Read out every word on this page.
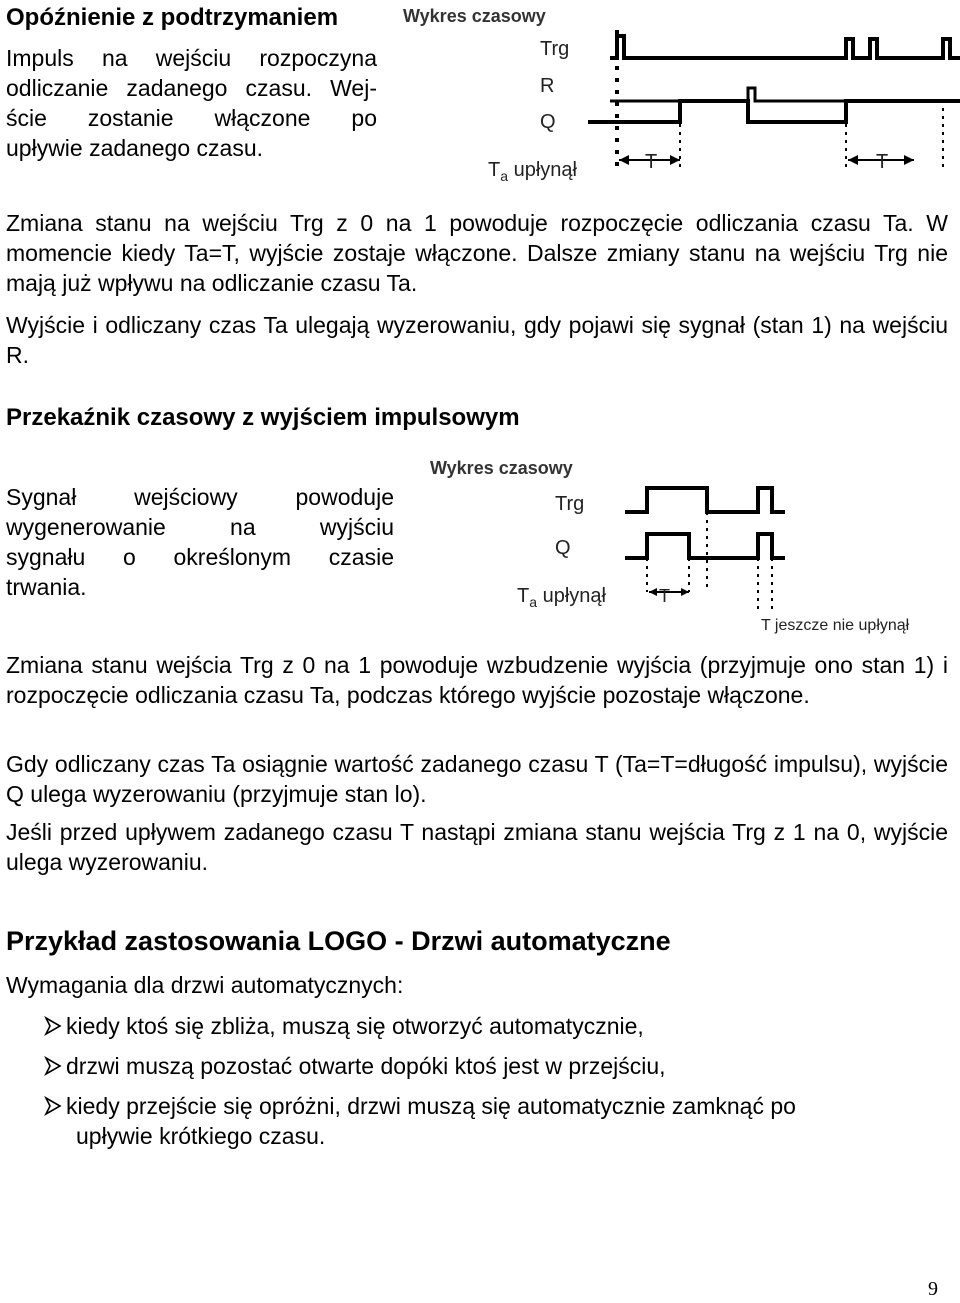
Opóźnienie z podtrzymaniem
Impuls na wejściu rozpoczyna
odliczanie zadanego czasu. Wej-
ście zostanie włączone po
upływie zadanego czasu.
Wykres czasowy
Trg
R
Q
$T_a$ upłynął	T	T
Zmiana stanu na wejściu Trg z 0 na 1 powoduje rozpoczęcie odliczania czasu Ta. W momencie kiedy Ta=T, wyjście zostaje włączone. Dalsze zmiany stanu na wejściu Trg nie mają już wpływu na odliczanie czasu Ta.
Wyjście i odliczany czas Ta ulegają wyzerowaniu, gdy pojawi się sygnał (stan 1) na wejściu R.
Przekaźnik czasowy z wyjściem impulsowym
Sygnał wejściowy powoduje
wygenerowanie na wyjściu
sygnału o określonym czasie
trwania.
Wykres czasowy
Trg
Q
$T_a$ upłynął	T
T jeszcze nie upłynął
Zmiana stanu wejścia Trg z 0 na 1 powoduje wzbudzenie wyjścia (przyjmuje ono stan 1) i rozpoczęcie odliczania czasu Ta, podczas którego wyjście pozostaje włączone.
Gdy odliczany czas Ta osiągnie wartość zadanego czasu T (Ta=T=długość impulsu), wyjście Q ulega wyzerowaniu (przyjmuje stan lo).
Jeśli przed upływem zadanego czasu T nastąpi zmiana stanu wejścia Trg z 1 na 0, wyjście ulega wyzerowaniu.
Przykład zastosowania LOGO - Drzwi automatyczne
Wymagania dla drzwi automatycznych:
kiedy ktoś się zbliża, muszą się otworzyć automatycznie,
drzwi muszą pozostać otwarte dopóki ktoś jest w przejściu,
kiedy przejście się opróżni, drzwi muszą się automatycznie zamknąć po
upływie krótkiego czasu.
9
